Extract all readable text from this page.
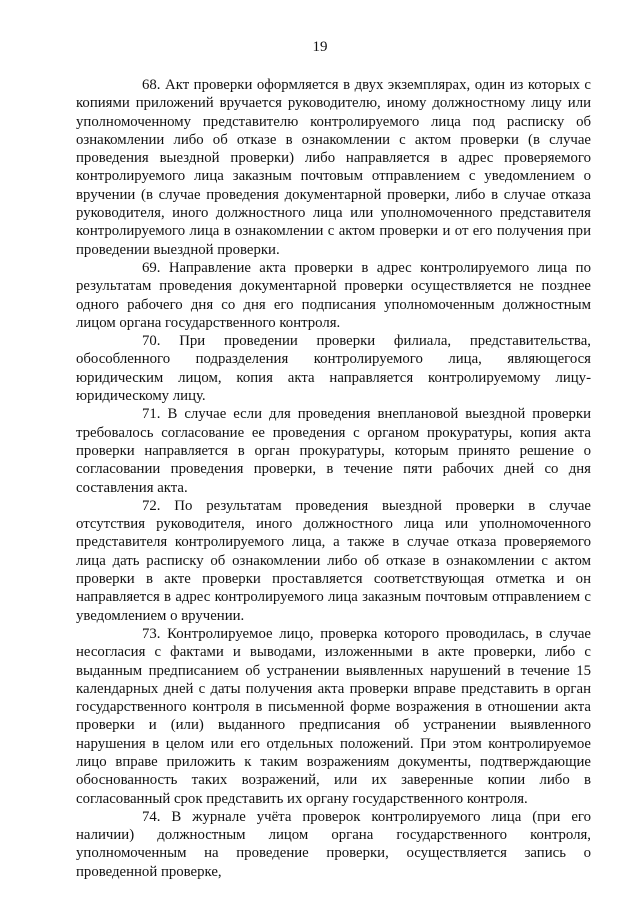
19

68. Акт проверки оформляется в двух экземплярах, один из которых с копиями приложений вручается руководителю, иному должностному лицу или уполномоченному представителю контролируемого лица под расписку об ознакомлении либо об отказе в ознакомлении с актом проверки (в случае проведения выездной проверки) либо направляется в адрес проверяемого контролируемого лица заказным почтовым отправлением с уведомлением о вручении (в случае проведения документарной проверки, либо в случае отказа руководителя, иного должностного лица или уполномоченного представителя контролируемого лица в ознакомлении с актом проверки и от его получения при проведении выездной проверки.

69. Направление акта проверки в адрес контролируемого лица по результатам проведения документарной проверки осуществляется не позднее одного рабочего дня со дня его подписания уполномоченным должностным лицом органа государственного контроля.

70. При проведении проверки филиала, представительства, обособленного подразделения контролируемого лица, являющегося юридическим лицом, копия акта направляется контролируемому лицу-юридическому лицу.

71. В случае если для проведения внеплановой выездной проверки требовалось согласование ее проведения с органом прокуратуры, копия акта проверки направляется в орган прокуратуры, которым принято решение о согласовании проведения проверки, в течение пяти рабочих дней со дня составления акта.

72. По результатам проведения выездной проверки в случае отсутствия руководителя, иного должностного лица или уполномоченного представителя контролируемого лица, а также в случае отказа проверяемого лица дать расписку об ознакомлении либо об отказе в ознакомлении с актом проверки в акте проверки проставляется соответствующая отметка и он направляется в адрес контролируемого лица заказным почтовым отправлением с уведомлением о вручении.

73. Контролируемое лицо, проверка которого проводилась, в случае несогласия с фактами и выводами, изложенными в акте проверки, либо с выданным предписанием об устранении выявленных нарушений в течение 15 календарных дней с даты получения акта проверки вправе представить в орган государственного контроля в письменной форме возражения в отношении акта проверки и (или) выданного предписания об устранении выявленного нарушения в целом или его отдельных положений. При этом контролируемое лицо вправе приложить к таким возражениям документы, подтверждающие обоснованность таких возражений, или их заверенные копии либо в согласованный срок представить их органу государственного контроля.

74. В журнале учёта проверок контролируемого лица (при его наличии) должностным лицом органа государственного контроля, уполномоченным на проведение проверки, осуществляется запись о проведенной проверке,
